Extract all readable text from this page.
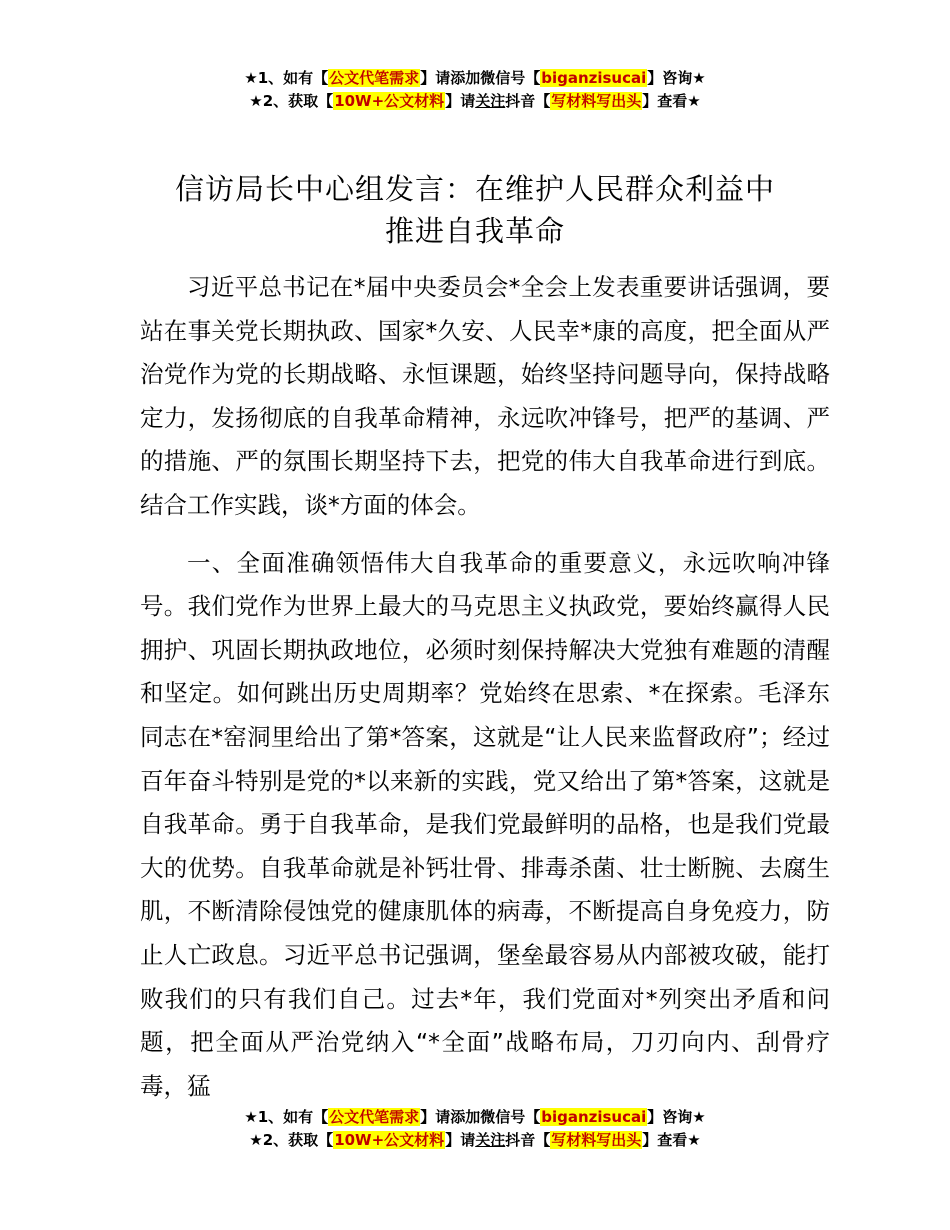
★1、如有【公文代笔需求】请添加微信号【biganzisucai】咨询★
★2、获取【10W+公文材料】请关注抖音【写材料写出头】查看★
信访局长中心组发言：在维护人民群众利益中
推进自我革命

习近平总书记在*届中央委员会*全会上发表重要讲话强调，要站在事关党长期执政、国家*久安、人民幸*康的高度，把全面从严治党作为党的长期战略、永恒课题，始终坚持问题导向，保持战略定力，发扬彻底的自我革命精神，永远吹冲锋号，把严的基调、严的措施、严的氛围长期坚持下去，把党的伟大自我革命进行到底。结合工作实践，谈*方面的体会。

一、全面准确领悟伟大自我革命的重要意义，永远吹响冲锋号。我们党作为世界上最大的马克思主义执政党，要始终赢得人民拥护、巩固长期执政地位，必须时刻保持解决大党独有难题的清醒和坚定。如何跳出历史周期率？党始终在思索、*在探索。毛泽东同志在*窑洞里给出了第*答案，这就是“让人民来监督政府”；经过百年奋斗特别是党的*以来新的实践，党又给出了第*答案，这就是自我革命。勇于自我革命，是我们党最鲜明的品格，也是我们党最大的优势。自我革命就是补钙壮骨、排毒杀菌、壮士断腕、去腐生肌，不断清除侵蚀党的健康肌体的病毒，不断提高自身免疫力，防止人亡政息。习近平总书记强调，堡垒最容易从内部被攻破，能打败我们的只有我们自己。过去*年，我们党面对*列突出矛盾和问题，把全面从严治党纳入“*全面”战略布局，刀刃向内、刮骨疗毒，猛

★1、如有【公文代笔需求】请添加微信号【biganzisucai】咨询★
★2、获取【10W+公文材料】请关注抖音【写材料写出头】查看★
